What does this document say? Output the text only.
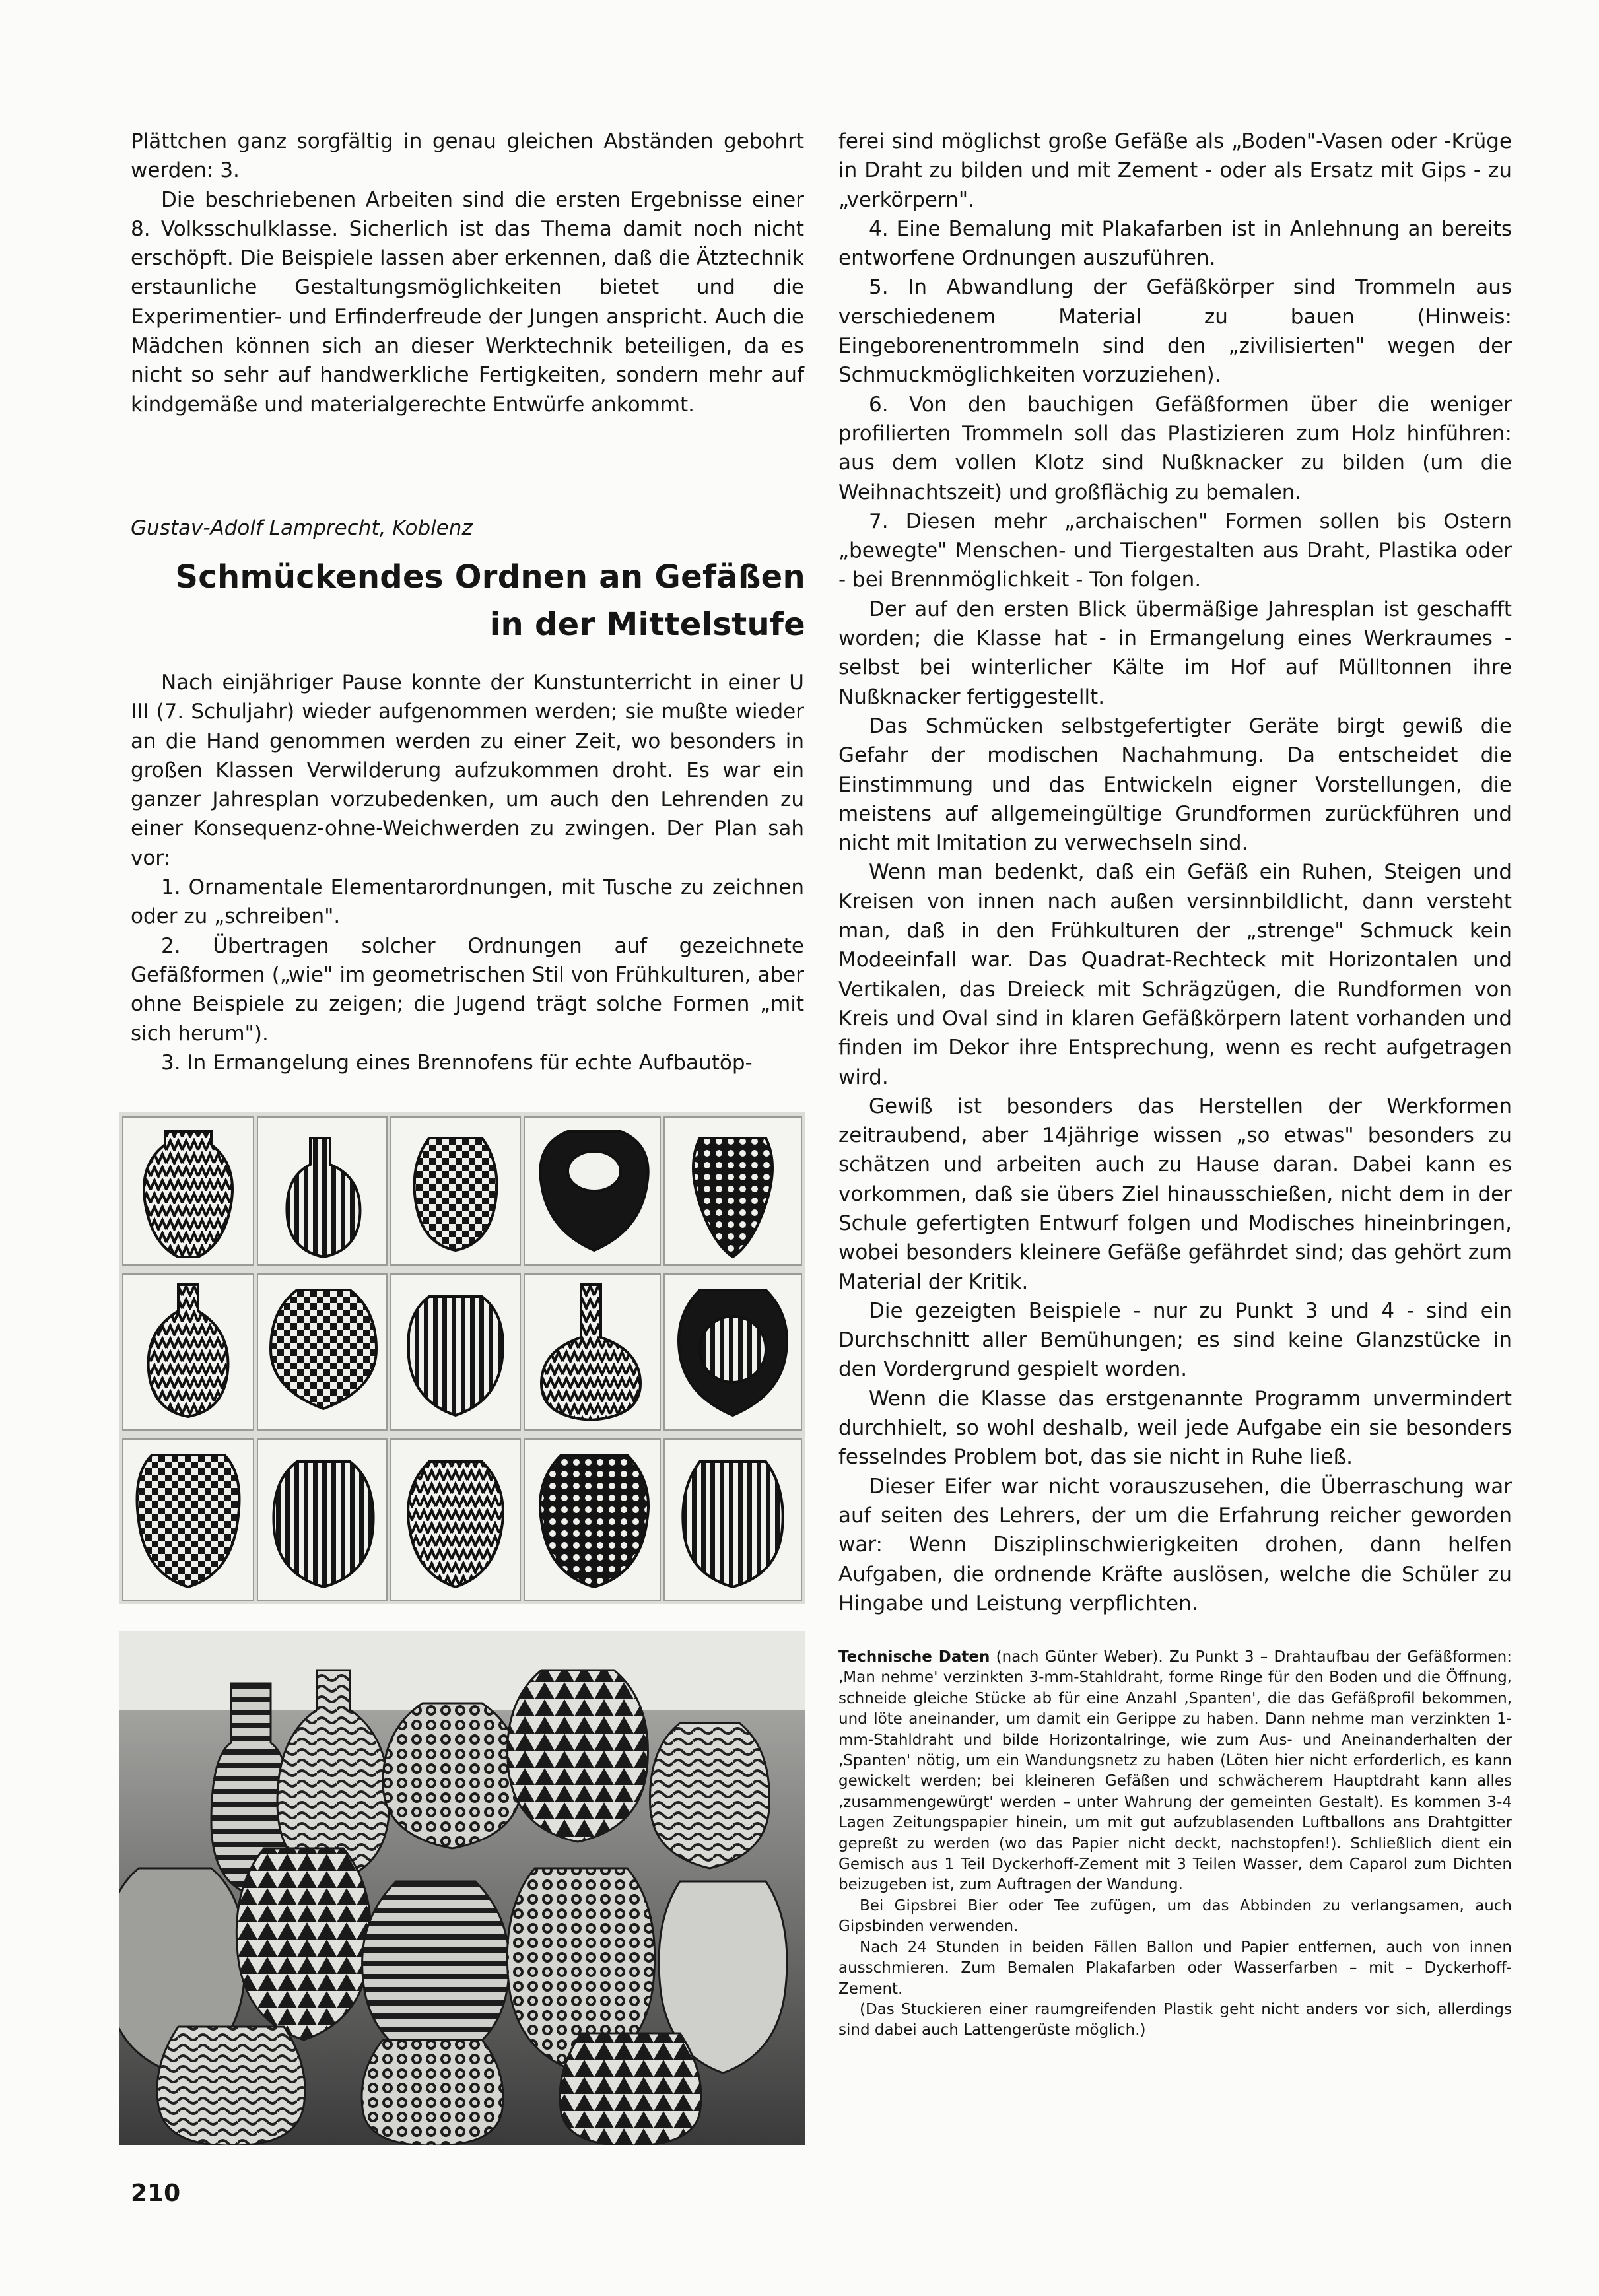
Plättchen ganz sorgfältig in genau gleichen Abständen gebohrt werden: 3.

Die beschriebenen Arbeiten sind die ersten Ergebnisse einer 8. Volksschulklasse. Sicherlich ist das Thema damit noch nicht erschöpft. Die Beispiele lassen aber erkennen, daß die Ätztechnik erstaunliche Gestaltungsmöglichkeiten bietet und die Experimentier- und Erfinderfreude der Jungen anspricht. Auch die Mädchen können sich an dieser Werktechnik beteiligen, da es nicht so sehr auf handwerkliche Fertigkeiten, sondern mehr auf kindgemäße und materialgerechte Entwürfe ankommt.

Gustav-Adolf Lamprecht, Koblenz
Schmückendes Ordnen an Gefäßen
in der Mittelstufe

Nach einjähriger Pause konnte der Kunstunterricht in einer U III (7. Schuljahr) wieder aufgenommen werden; sie mußte wieder an die Hand genommen werden zu einer Zeit, wo besonders in großen Klassen Verwilderung aufzukommen droht. Es war ein ganzer Jahresplan vorzubedenken, um auch den Lehrenden zu einer Konsequenz-ohne-Weichwerden zu zwingen. Der Plan sah vor:

1. Ornamentale Elementarordnungen, mit Tusche zu zeichnen oder zu „schreiben".

2. Übertragen solcher Ordnungen auf gezeichnete Gefäßformen („wie" im geometrischen Stil von Frühkulturen, aber ohne Beispiele zu zeigen; die Jugend trägt solche Formen „mit sich herum").

3. In Ermangelung eines Brennofens für echte Aufbautöp-

ferei sind möglichst große Gefäße als „Boden"-Vasen oder -Krüge in Draht zu bilden und mit Zement - oder als Ersatz mit Gips - zu „verkörpern".

4. Eine Bemalung mit Plakafarben ist in Anlehnung an bereits entworfene Ordnungen auszuführen.

5. In Abwandlung der Gefäßkörper sind Trommeln aus verschiedenem Material zu bauen (Hinweis: Eingeborenentrommeln sind den „zivilisierten" wegen der Schmuckmöglichkeiten vorzuziehen).

6. Von den bauchigen Gefäßformen über die weniger profilierten Trommeln soll das Plastizieren zum Holz hinführen: aus dem vollen Klotz sind Nußknacker zu bilden (um die Weihnachtszeit) und großflächig zu bemalen.

7. Diesen mehr „archaischen" Formen sollen bis Ostern „bewegte" Menschen- und Tiergestalten aus Draht, Plastika oder - bei Brennmöglichkeit - Ton folgen.

Der auf den ersten Blick übermäßige Jahresplan ist geschafft worden; die Klasse hat - in Ermangelung eines Werkraumes - selbst bei winterlicher Kälte im Hof auf Mülltonnen ihre Nußknacker fertiggestellt.

Das Schmücken selbstgefertigter Geräte birgt gewiß die Gefahr der modischen Nachahmung. Da entscheidet die Einstimmung und das Entwickeln eigner Vorstellungen, die meistens auf allgemeingültige Grundformen zurückführen und nicht mit Imitation zu verwechseln sind.

Wenn man bedenkt, daß ein Gefäß ein Ruhen, Steigen und Kreisen von innen nach außen versinnbildlicht, dann versteht man, daß in den Frühkulturen der „strenge" Schmuck kein Modeeinfall war. Das Quadrat-Rechteck mit Horizontalen und Vertikalen, das Dreieck mit Schrägzügen, die Rundformen von Kreis und Oval sind in klaren Gefäßkörpern latent vorhanden und finden im Dekor ihre Entsprechung, wenn es recht aufgetragen wird.

Gewiß ist besonders das Herstellen der Werkformen zeitraubend, aber 14jährige wissen „so etwas" besonders zu schätzen und arbeiten auch zu Hause daran. Dabei kann es vorkommen, daß sie übers Ziel hinausschießen, nicht dem in der Schule gefertigten Entwurf folgen und Modisches hineinbringen, wobei besonders kleinere Gefäße gefährdet sind; das gehört zum Material der Kritik.

Die gezeigten Beispiele - nur zu Punkt 3 und 4 - sind ein Durchschnitt aller Bemühungen; es sind keine Glanzstücke in den Vordergrund gespielt worden.

Wenn die Klasse das erstgenannte Programm unvermindert durchhielt, so wohl deshalb, weil jede Aufgabe ein sie besonders fesselndes Problem bot, das sie nicht in Ruhe ließ.

Dieser Eifer war nicht vorauszusehen, die Überraschung war auf seiten des Lehrers, der um die Erfahrung reicher geworden war: Wenn Disziplinschwierigkeiten drohen, dann helfen Aufgaben, die ordnende Kräfte auslösen, welche die Schüler zu Hingabe und Leistung verpflichten.

Technische Daten (nach Günter Weber). Zu Punkt 3 – Drahtaufbau der Gefäßformen: ‚Man nehme' verzinkten 3-mm-Stahldraht, forme Ringe für den Boden und die Öffnung, schneide gleiche Stücke ab für eine Anzahl ‚Spanten', die das Gefäßprofil bekommen, und löte aneinander, um damit ein Gerippe zu haben. Dann nehme man verzinkten 1-mm-Stahldraht und bilde Horizontalringe, wie zum Aus- und Aneinanderhalten der ‚Spanten' nötig, um ein Wandungsnetz zu haben (Löten hier nicht erforderlich, es kann gewickelt werden; bei kleineren Gefäßen und schwächerem Hauptdraht kann alles ‚zusammengewürgt' werden – unter Wahrung der gemeinten Gestalt). Es kommen 3-4 Lagen Zeitungspapier hinein, um mit gut aufzublasenden Luftballons ans Drahtgitter gepreßt zu werden (wo das Papier nicht deckt, nachstopfen!). Schließlich dient ein Gemisch aus 1 Teil Dyckerhoff-Zement mit 3 Teilen Wasser, dem Caparol zum Dichten beizugeben ist, zum Auftragen der Wandung.

Bei Gipsbrei Bier oder Tee zufügen, um das Abbinden zu verlangsamen, auch Gipsbinden verwenden.

Nach 24 Stunden in beiden Fällen Ballon und Papier entfernen, auch von innen ausschmieren. Zum Bemalen Plakafarben oder Wasserfarben – mit – Dyckerhoff-Zement.

(Das Stuckieren einer raumgreifenden Plastik geht nicht anders vor sich, allerdings sind dabei auch Lattengerüste möglich.)

210
